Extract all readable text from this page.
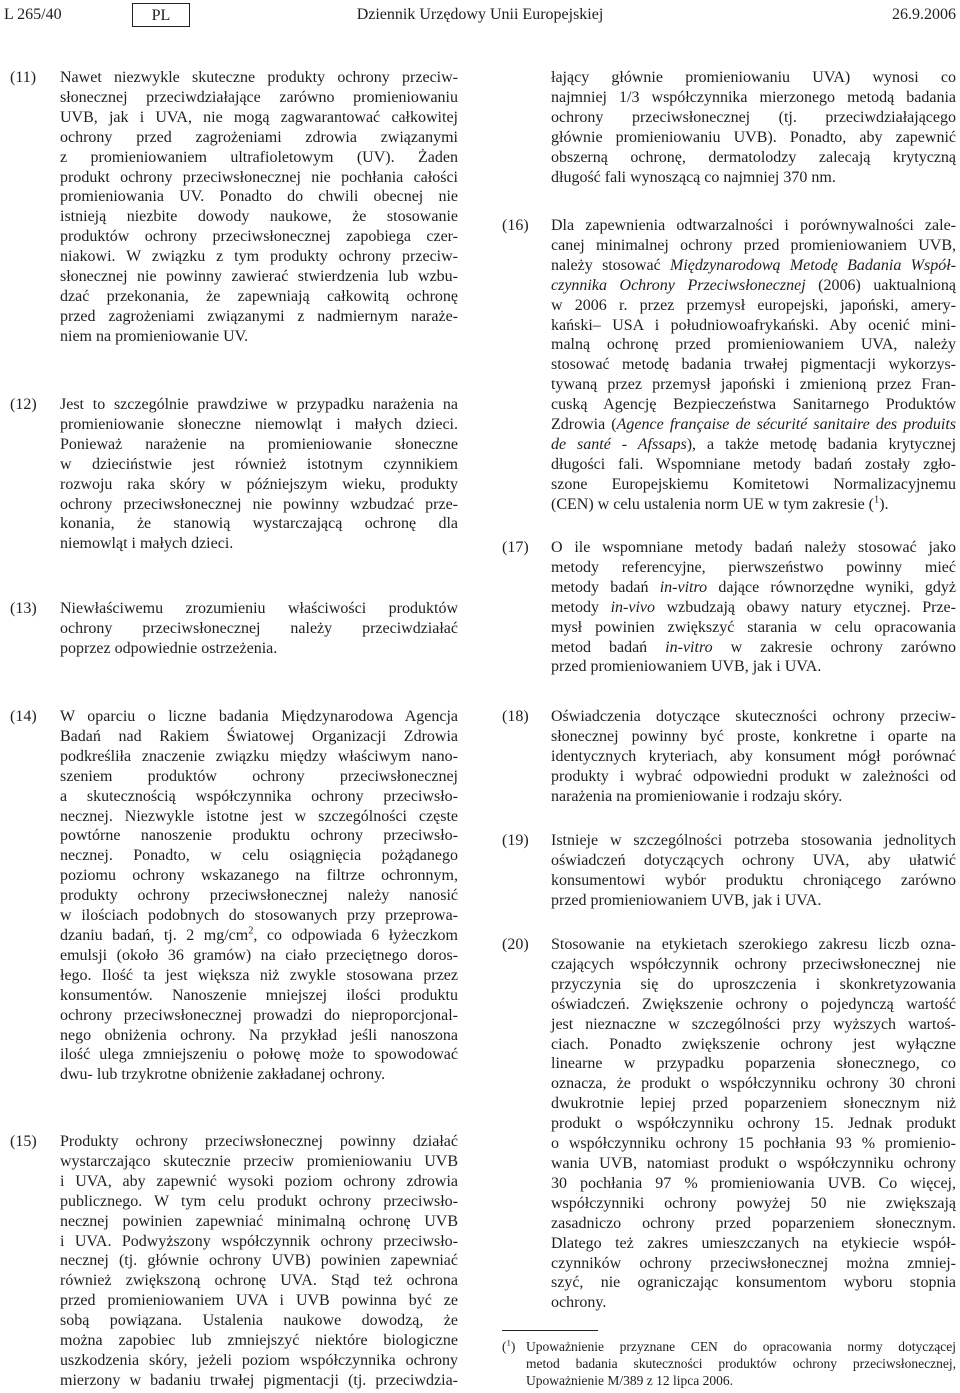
L 265/40	PL	Dziennik Urzędowy Unii Europejskiej	26.9.2006
(11) Nawet niezwykle skuteczne produkty ochrony przeciw-
słonecznej przeciwdziałające zarówno promieniowaniu
UVB, jak i UVA, nie mogą zagwarantować całkowitej
ochrony przed zagrożeniami zdrowia związanymi
z promieniowaniem ultrafioletowym (UV). Żaden
produkt ochrony przeciwsłonecznej nie pochłania całości
promieniowania UV. Ponadto do chwili obecnej nie
istnieją niezbite dowody naukowe, że stosowanie
produktów ochrony przeciwsłonecznej zapobiega czer-
niakowi. W związku z tym produkty ochrony przeciw-
słonecznej nie powinny zawierać stwierdzenia lub wzbu-
dzać przekonania, że zapewniają całkowitą ochronę
przed zagrożeniami związanymi z nadmiernym naraże-
niem na promieniowanie UV.
(12) Jest to szczególnie prawdziwe w przypadku narażenia na
promieniowanie słoneczne niemowląt i małych dzieci.
Ponieważ narażenie na promieniowanie słoneczne
w dzieciństwie jest również istotnym czynnikiem
rozwoju raka skóry w późniejszym wieku, produkty
ochrony przeciwsłonecznej nie powinny wzbudzać prze-
konania, że stanowią wystarczającą ochronę dla
niemowląt i małych dzieci.
(13) Niewłaściwemu zrozumieniu właściwości produktów
ochrony przeciwsłonecznej należy przeciwdziałać
poprzez odpowiednie ostrzeżenia.
(14) W oparciu o liczne badania Międzynarodowa Agencja
Badań nad Rakiem Światowej Organizacji Zdrowia
podkreśliła znaczenie związku między właściwym nano-
szeniem produktów ochrony przeciwsłonecznej
a skutecznością współczynnika ochrony przeciwsło-
necznej. Niezwykle istotne jest w szczególności częste
powtórne nanoszenie produktu ochrony przeciwsło-
necznej. Ponadto, w celu osiągnięcia pożądanego
poziomu ochrony wskazanego na filtrze ochronnym,
produkty ochrony przeciwsłonecznej należy nanosić
w ilościach podobnych do stosowanych przy przeprowa-
dzaniu badań, tj. 2 $mg/cm^2$, co odpowiada 6 łyżeczkom
emulsji (około 36 gramów) na ciało przeciętnego doros-
łego. Ilość ta jest większa niż zwykle stosowana przez
konsumentów. Nanoszenie mniejszej ilości produktu
ochrony przeciwsłonecznej prowadzi do nieproporcjonal-
nego obniżenia ochrony. Na przykład jeśli nanoszona
ilość ulega zmniejszeniu o połowę może to spowodować
dwu- lub trzykrotne obniżenie zakładanej ochrony.
(15) Produkty ochrony przeciwsłonecznej powinny działać
wystarczająco skutecznie przeciw promieniowaniu UVB
i UVA, aby zapewnić wysoki poziom ochrony zdrowia
publicznego. W tym celu produkt ochrony przeciwsło-
necznej powinien zapewniać minimalną ochronę UVB
i UVA. Podwyższony współczynnik ochrony przeciwsło-
necznej (tj. głównie ochrony UVB) powinien zapewniać
również zwiększoną ochronę UVA. Stąd też ochrona
przed promieniowaniem UVA i UVB powinna być ze
sobą powiązana. Ustalenia naukowe dowodzą, że
można zapobiec lub zmniejszyć niektóre biologiczne
uszkodzenia skóry, jeżeli poziom współczynnika ochrony
mierzony w badaniu trwałej pigmentacji (tj. przeciwdzia-
łający głównie promieniowaniu UVA) wynosi co
najmniej 1/3 współczynnika mierzonego metodą badania
ochrony przeciwsłonecznej (tj. przeciwdziałającego
głównie promieniowaniu UVB). Ponadto, aby zapewnić
obszerną ochronę, dermatolodzy zalecają krytyczną
długość fali wynoszącą co najmniej 370 nm.
(16) Dla zapewnienia odtwarzalności i porównywalności zale-
canej minimalnej ochrony przed promieniowaniem UVB,
należy stosować Międzynarodową Metodę Badania Współ-
czynnika Ochrony Przeciwsłonecznej (2006) uaktualnioną
w 2006 r. przez przemysł europejski, japoński, amery-
kański– USA i południowoafrykański. Aby ocenić mini-
malną ochronę przed promieniowaniem UVA, należy
stosować metodę badania trwałej pigmentacji wykorzys-
tywaną przez przemysł japoński i zmienioną przez Fran-
cuską Agencję Bezpieczeństwa Sanitarnego Produktów
Zdrowia (Agence française de sécurité sanitaire des produits
de santé - Afssaps), a także metodę badania krytycznej
długości fali. Wspomniane metody badań zostały zgło-
szone Europejskiemu Komitetowi Normalizacyjnemu
(CEN) w celu ustalenia norm UE w tym zakresie ($^1$).
(17) O ile wspomniane metody badań należy stosować jako
metody referencyjne, pierwszeństwo powinny mieć
metody badań in-vitro dające równorzędne wyniki, gdyż
metody in-vivo wzbudzają obawy natury etycznej. Prze-
mysł powinien zwiększyć starania w celu opracowania
metod badań in-vitro w zakresie ochrony zarówno
przed promieniowaniem UVB, jak i UVA.
(18) Oświadczenia dotyczące skuteczności ochrony przeciw-
słonecznej powinny być proste, konkretne i oparte na
identycznych kryteriach, aby konsument mógł porównać
produkty i wybrać odpowiedni produkt w zależności od
narażenia na promieniowanie i rodzaju skóry.
(19) Istnieje w szczególności potrzeba stosowania jednolitych
oświadczeń dotyczących ochrony UVA, aby ułatwić
konsumentowi wybór produktu chroniącego zarówno
przed promieniowaniem UVB, jak i UVA.
(20) Stosowanie na etykietach szerokiego zakresu liczb ozna-
czających współczynnik ochrony przeciwsłonecznej nie
przyczynia się do uproszczenia i skonkretyzowania
oświadczeń. Zwiększenie ochrony o pojedynczą wartość
jest nieznaczne w szczególności przy wyższych wartoś-
ciach. Ponadto zwiększenie ochrony jest wyłączne
linearne w przypadku poparzenia słonecznego, co
oznacza, że produkt o współczynniku ochrony 30 chroni
dwukrotnie lepiej przed poparzeniem słonecznym niż
produkt o współczynniku ochrony 15. Jednak produkt
o współczynniku ochrony 15 pochłania 93 % promienio-
wania UVB, natomiast produkt o współczynniku ochrony
30 pochłania 97 % promieniowania UVB. Co więcej,
współczynniki ochrony powyżej 50 nie zwiększają
zasadniczo ochrony przed poparzeniem słonecznym.
Dlatego też zakres umieszczanych na etykiecie współ-
czynników ochrony przeciwsłonecznej można zmniej-
szyć, nie ograniczając konsumentom wyboru stopnia
ochrony.
($^1$) Upoważnienie przyznane CEN do opracowania normy dotyczącej
metod badania skuteczności produktów ochrony przeciwsłonecznej,
Upoważnienie M/389 z 12 lipca 2006.
